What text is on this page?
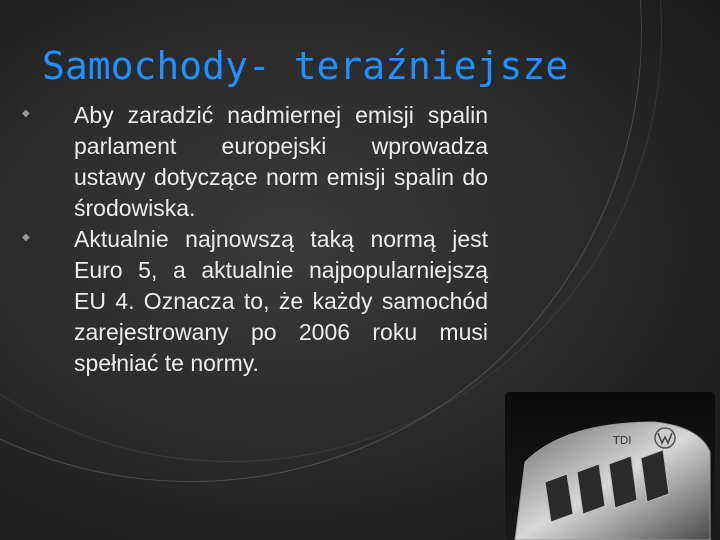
Samochody- teraźniejsze
◆ Aby zaradzić nadmiernej emisji spalin parlament europejski wprowadza ustawy dotyczące norm emisji spalin do środowiska.
◆ Aktualnie najnowszą taką normą jest Euro 5, a aktualnie najpopularniejszą EU 4. Oznacza to, że każdy samochód zarejestrowany po 2006 roku musi spełniać te normy.
TDI
